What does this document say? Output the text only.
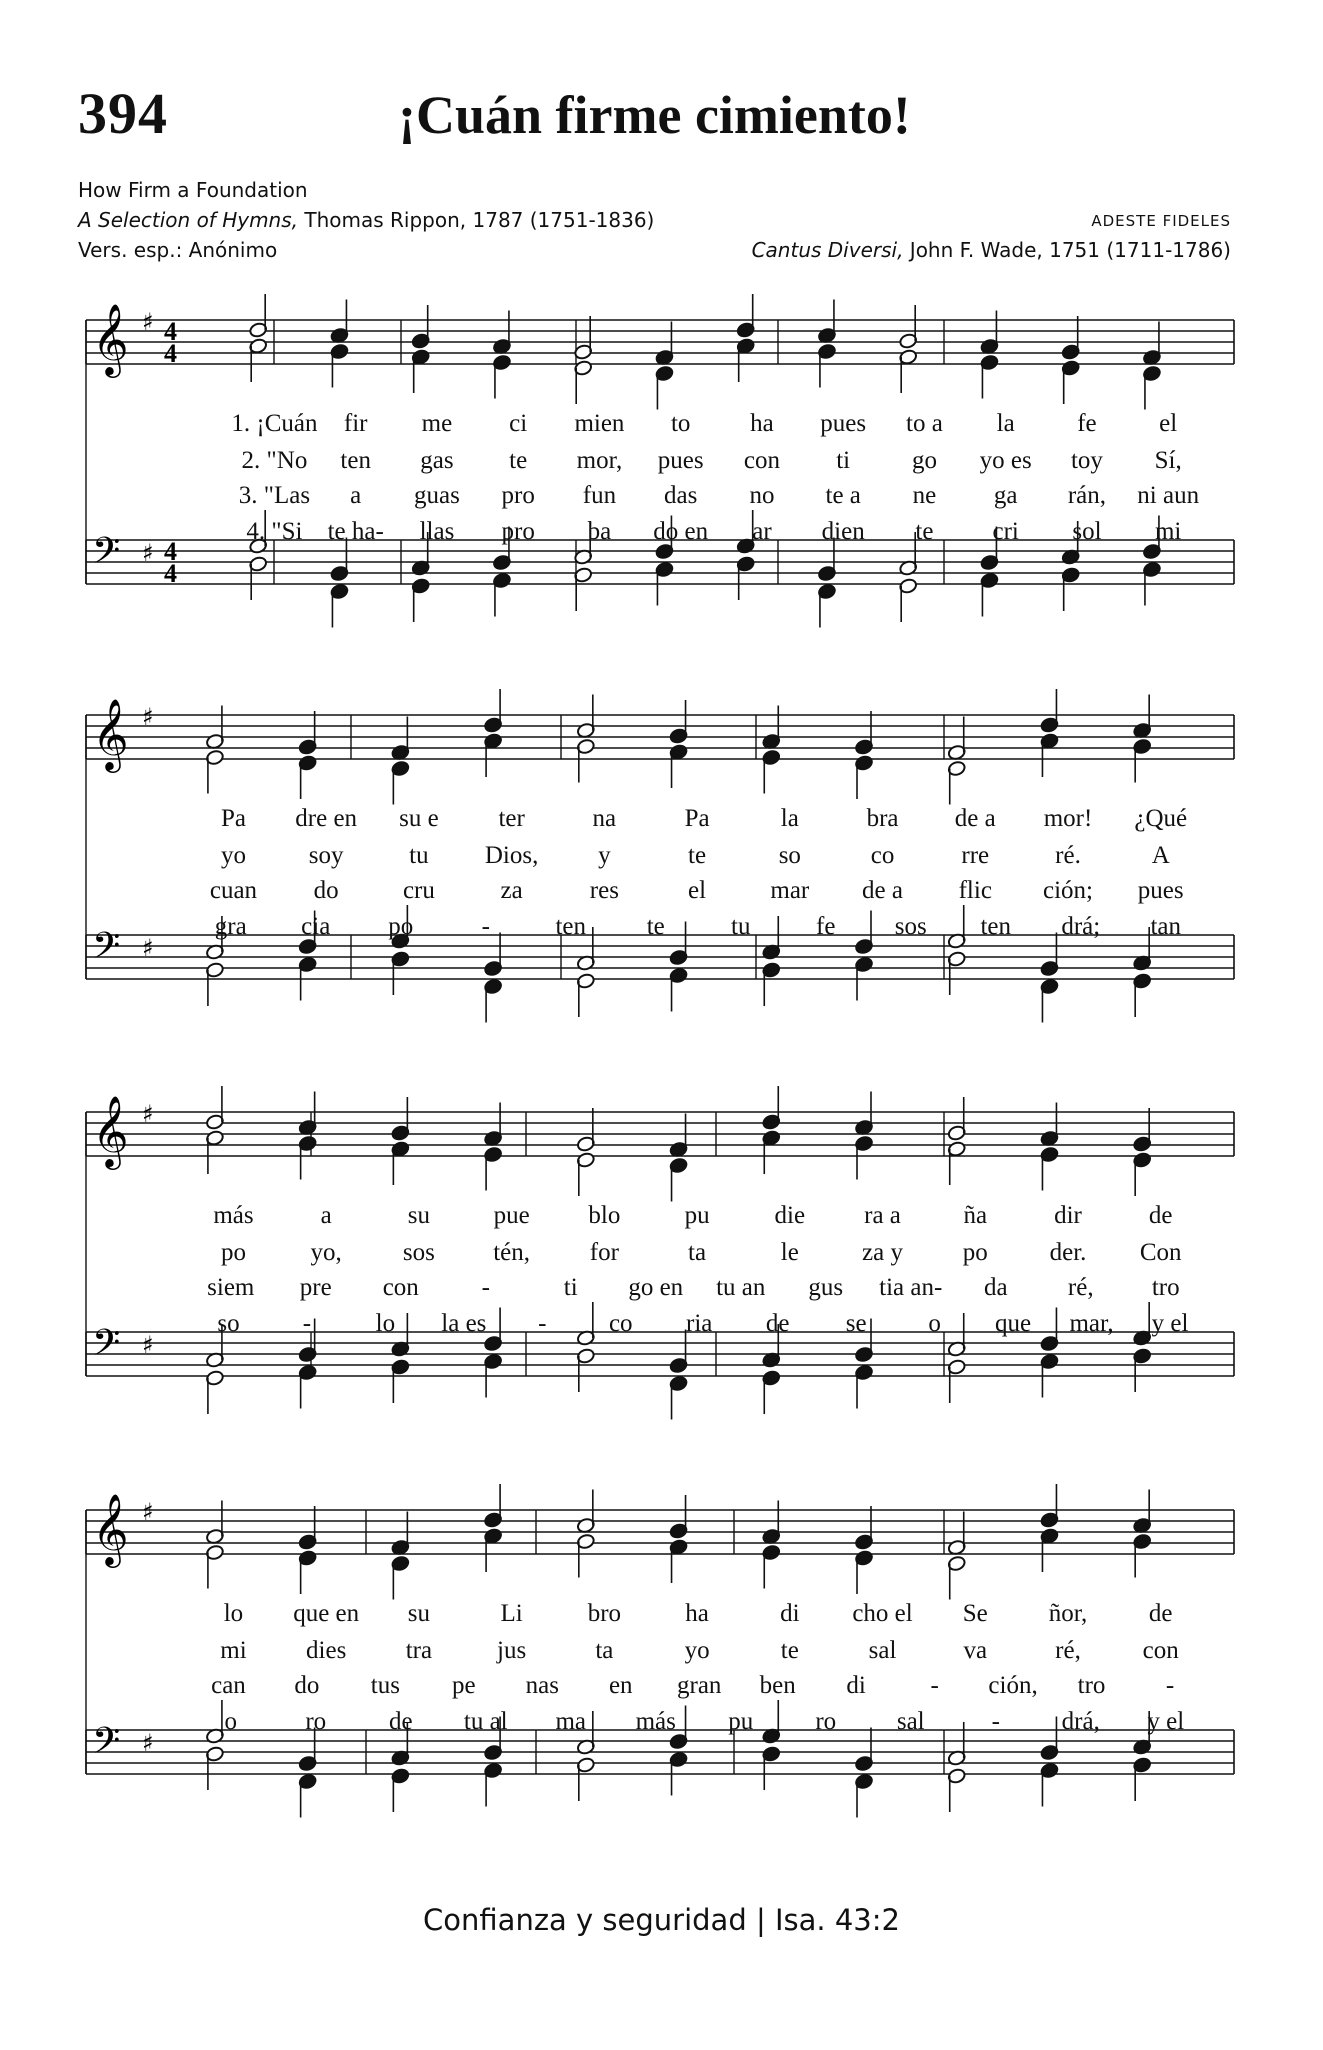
394	¡Cuán firme cimiento!
How Firm a Foundation
A Selection of Hymns, Thomas Rippon, 1787 (1751-1836)
Vers. esp.: Anónimo
ADESTE FIDELES
Cantus Diversi, John F. Wade, 1751 (1711-1786)
𝄞 ♯
𝄢 ♯
4
4
4
4
1. ¡Cuán fir me ci mien to ha pues to a la	fe	el
2. "No ten gas te mor, pues con ti go yo es toy Sí,
3. "Las a guas pro fun das no te a ne ga rán, ni aun
4. "Si te ha- llas pro ba do en ar dien te cri sol mi
𝄞 ♯
𝄢 ♯
Pa dre en su e ter	na	Pa	la	bra de a mor! ¿Qué
yo	soy	tu Dios, y	te	so	co	rre	ré.	A
cuan do	cru	za	res	el	mar de a flic ción; pues
gra cia po	-	ten te	tu	fe sos ten drá; tan
𝄞 ♯
𝄢 ♯
más	a	su	pue blo	pu	die ra a	ña	dir	de
po	yo, sos tén, for	ta	le	za y po der. Con
siem pre con	-	ti go en tu an gus tia an- da ré, tro
so	-	lo la es -	co ria de se o que mar, y el
𝄞 ♯
𝄢 ♯
lo que en su	Li	bro	ha	di cho el Se ñor, de
mi dies tra	jus	ta	yo	te	sal	va	ré, con
can do tus pe nas en gran ben di	- ción, tro -
o	ro	de tu al ma más pu ro sal	- drá, y el
Confianza y seguridad | Isa. 43:2
